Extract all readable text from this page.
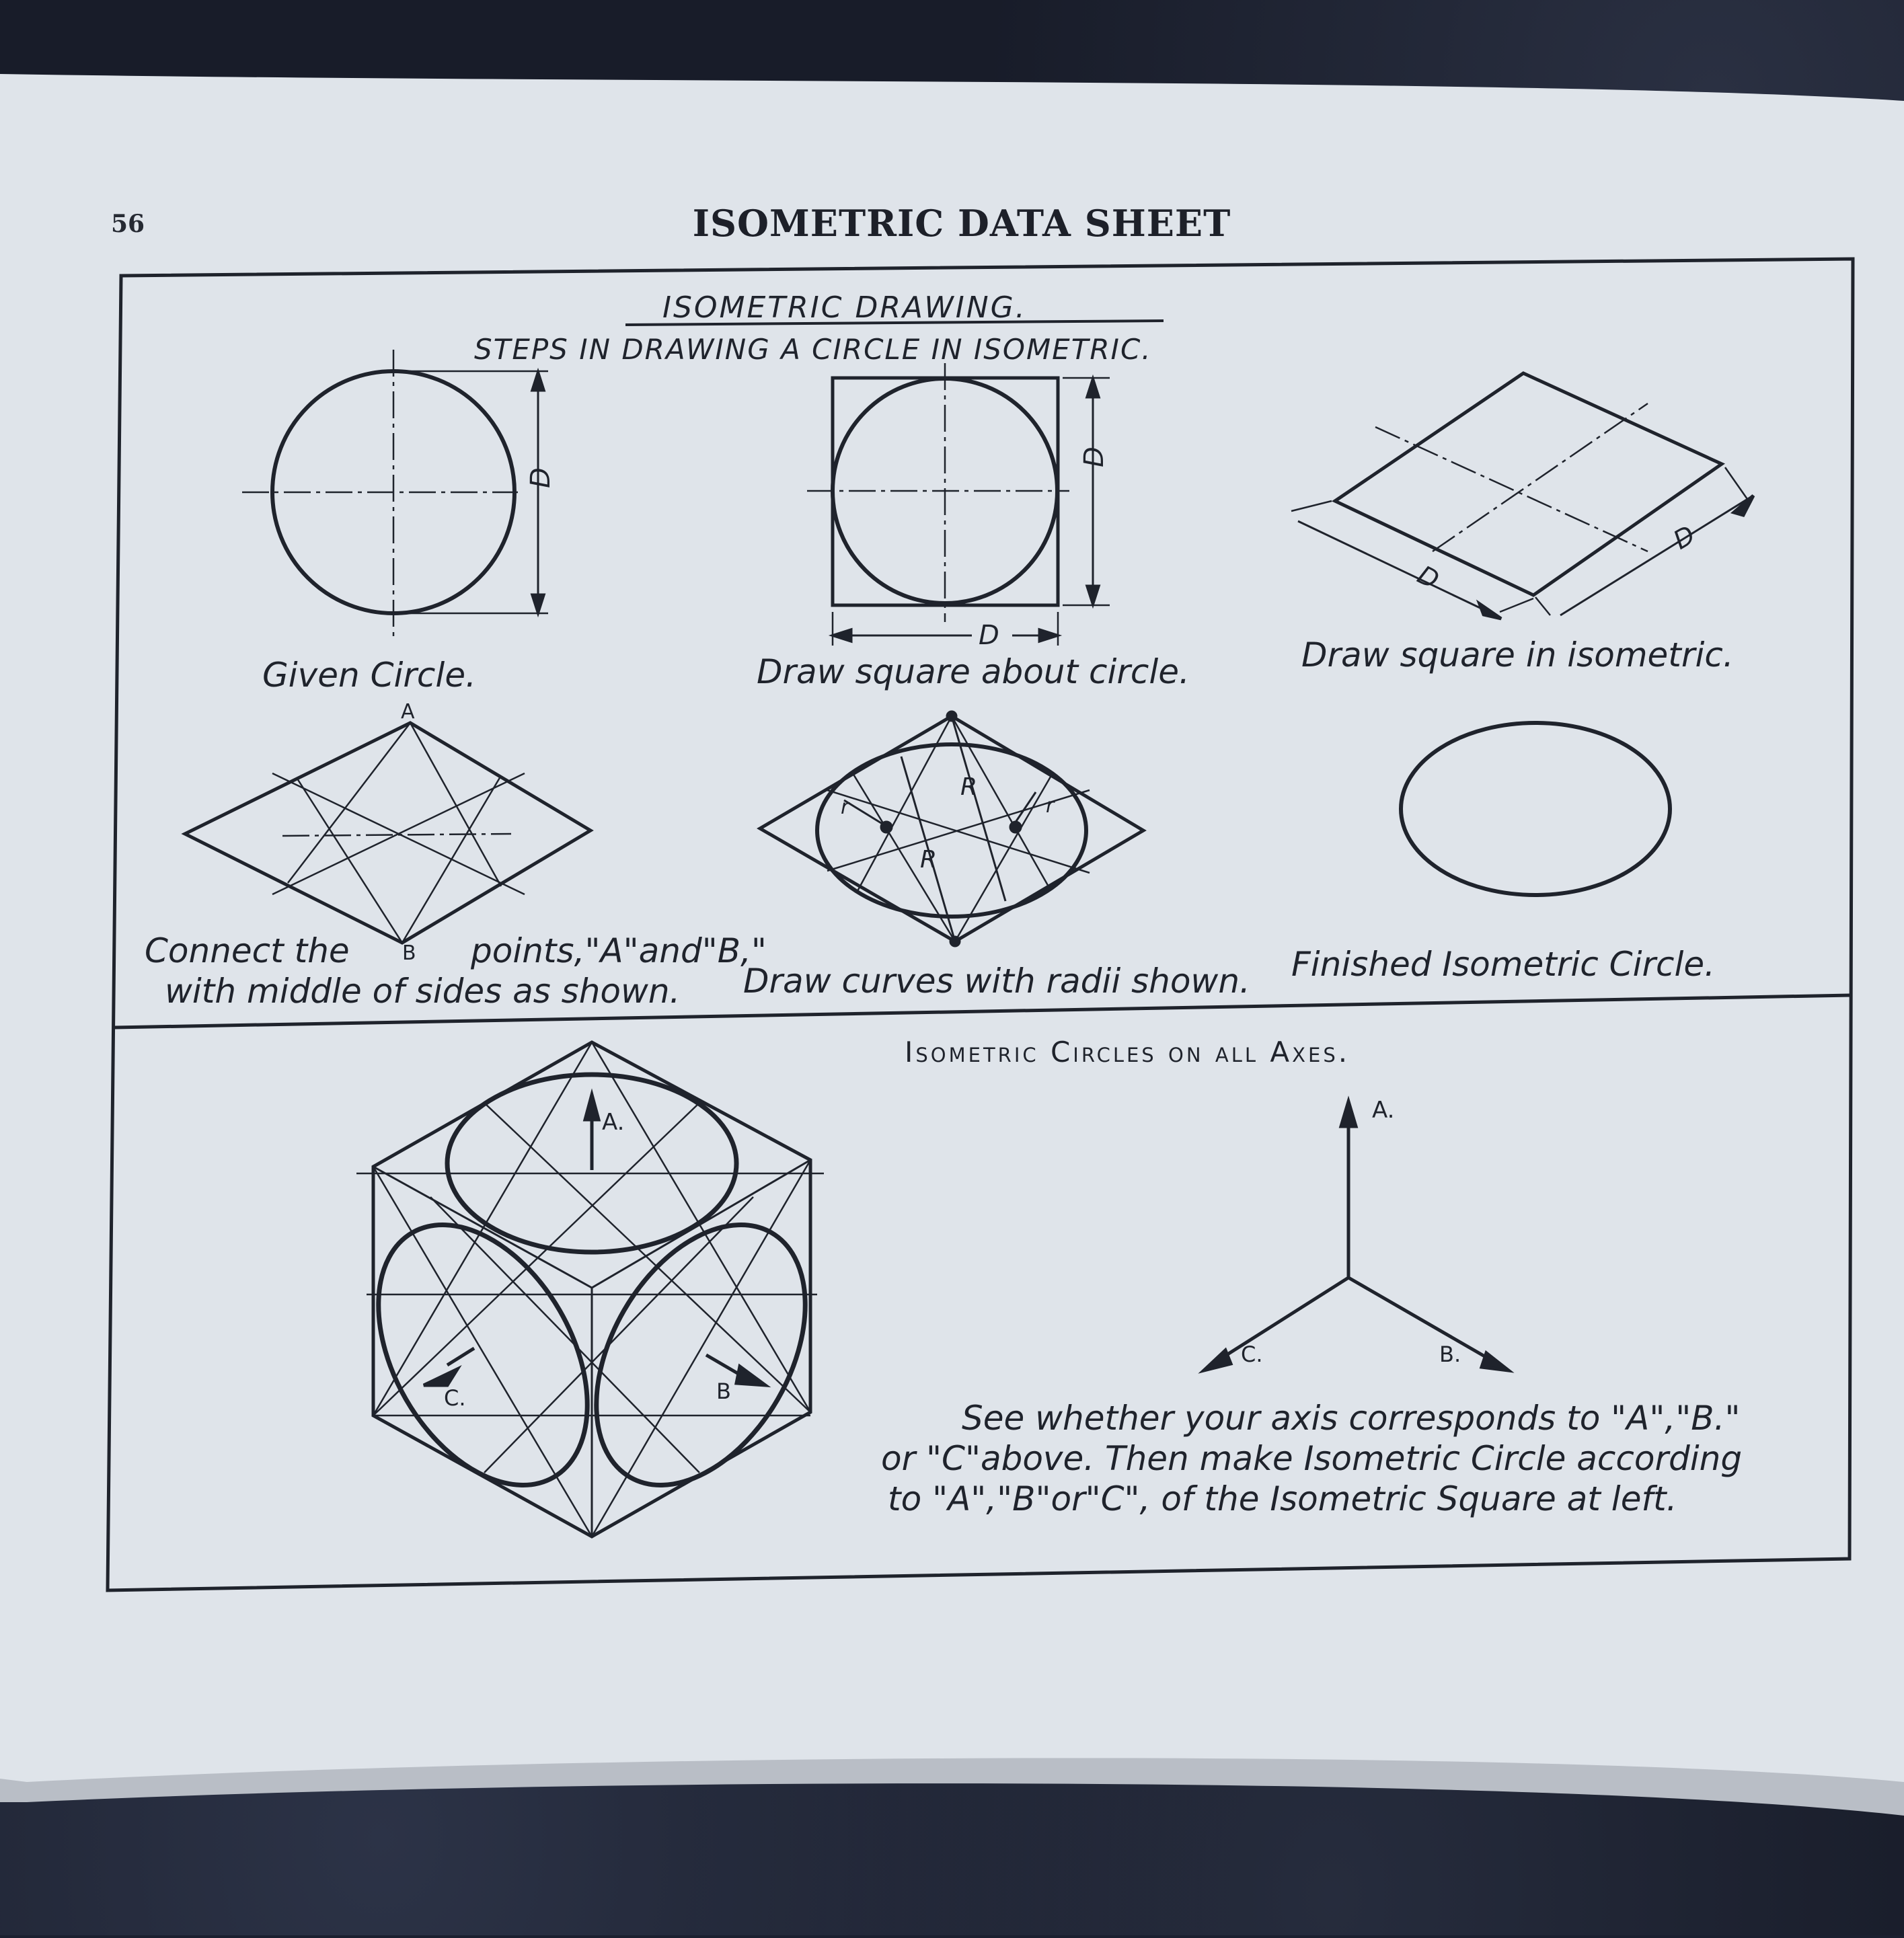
D
D
D
D
D
A
R
R
r	r
A.
B
C.
A.
B.
C.
56	ISOMETRIC DATA SHEET
ISOMETRIC DRAWING.
STEPS IN DRAWING A CIRCLE IN ISOMETRIC.
Given Circle.	Draw square about circle.	Draw square in isometric.
Connect the	B points,"A"and"B,"
with middle of sides as shown. Draw curves with radii shown. Finished Isometric Circle.
Isometric Circles on all Axes.
See whether your axis corresponds to "A","B."
or "C"above. Then make Isometric Circle according
to "A","B"or"C", of the Isometric Square at left.
